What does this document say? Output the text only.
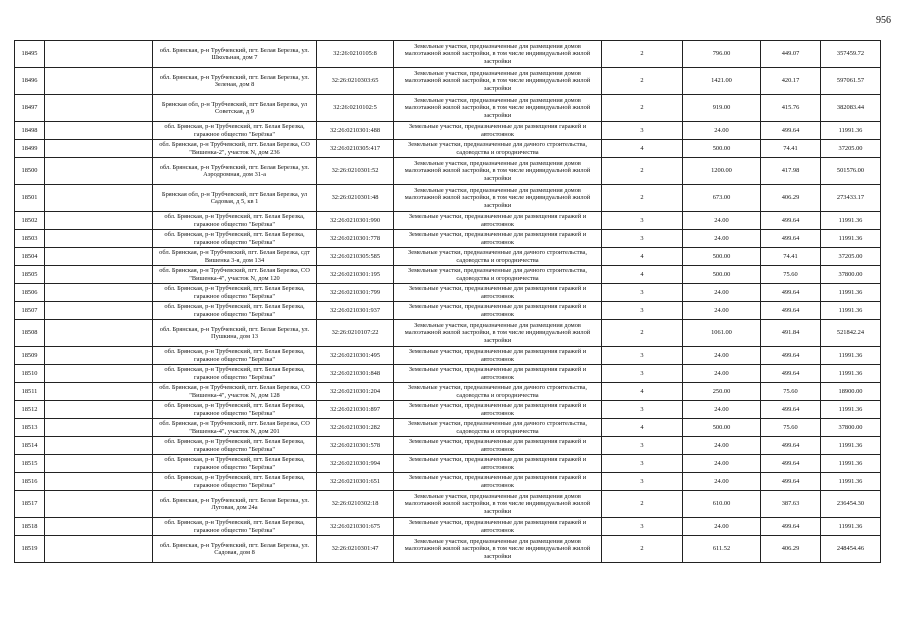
956
18495		обл. Брянская, р-н Трубчевский, пгт. Белая Березка, ул. Школьная, дом 7	32:26:0210105:8	Земельные участки, предназначенные для размещения домов малоэтажной жилой застройки, в том числе индивидуальной жилой застройки	2	796.00	449.07	357459.72
18496		обл. Брянская, р-н Трубчевский, пгт. Белая Березка, ул. Зеленая, дом 8	32:26:0210303:65	Земельные участки, предназначенные для размещения домов малоэтажной жилой застройки, в том числе индивидуальной жилой застройки	2	1421.00	420.17	597061.57
18497		Брянская обл, р-н Трубчевский, пгт Белая Березка, ул Советская, д 9	32:26:0210102:5	Земельные участки, предназначенные для размещения домов малоэтажной жилой застройки, в том числе индивидуальной жилой застройки	2	919.00	415.76	382083.44
18498		обл. Брянская, р-н Трубчевский, пгт. Белая Березка, гаражное общество "Берёзка"	32:26:0210301:488	Земельные участки, предназначенные для размещения гаражей и автостоянок	3	24.00	499.64	11991.36
18499		обл. Брянская, р-н Трубчевский, пгт. Белая Березка, СО "Вишенка-2", участок N, дом 236	32:26:0210305:417	Земельные участки, предназначенные для дачного строительства, садоводства и огородничества	4	500.00	74.41	37205.00
18500		обл. Брянская, р-н Трубчевский, пгт. Белая Березка, ул. Аэродромная, дом 31-а	32:26:0210301:52	Земельные участки, предназначенные для размещения домов малоэтажной жилой застройки, в том числе индивидуальной жилой застройки	2	1200.00	417.98	501576.00
18501		Брянская обл, р-н Трубчевский, пгт Белая Березка, ул Садовая, д 5, кв 1	32:26:0210301:48	Земельные участки, предназначенные для размещения домов малоэтажной жилой застройки, в том числе индивидуальной жилой застройки	2	673.00	406.29	273433.17
18502		обл. Брянская, р-н Трубчевский, пгт. Белая Березка, гаражное общество "Берёзка"	32:26:0210301:990	Земельные участки, предназначенные для размещения гаражей и автостоянок	3	24.00	499.64	11991.36
18503		обл. Брянская, р-н Трубчевский, пгт. Белая Березка, гаражное общество "Берёзка"	32:26:0210301:778	Земельные участки, предназначенные для размещения гаражей и автостоянок	3	24.00	499.64	11991.36
18504		обл. Брянская, р-н Трубчевский, пгт. Белая Березка, сдт Вишенка 3-я, дом 134	32:26:0210305:585	Земельные участки, предназначенные для дачного строительства, садоводства и огородничества	4	500.00	74.41	37205.00
18505		обл. Брянская, р-н Трубчевский, пгт. Белая Березка, СО "Вишенка-4", участок N, дом 120	32:26:0210301:195	Земельные участки, предназначенные для дачного строительства, садоводства и огородничества	4	500.00	75.60	37800.00
18506		обл. Брянская, р-н Трубчевский, пгт. Белая Березка, гаражное общество "Берёзка"	32:26:0210301:799	Земельные участки, предназначенные для размещения гаражей и автостоянок	3	24.00	499.64	11991.36
18507		обл. Брянская, р-н Трубчевский, пгт. Белая Березка, гаражное общество "Берёзка"	32:26:0210301:937	Земельные участки, предназначенные для размещения гаражей и автостоянок	3	24.00	499.64	11991.36
18508		обл. Брянская, р-н Трубчевский, пгт. Белая Березка, ул. Пушкина, дом 13	32:26:0210107:22	Земельные участки, предназначенные для размещения домов малоэтажной жилой застройки, в том числе индивидуальной жилой застройки	2	1061.00	491.84	521842.24
18509		обл. Брянская, р-н Трубчевский, пгт. Белая Березка, гаражное общество "Берёзка"	32:26:0210301:495	Земельные участки, предназначенные для размещения гаражей и автостоянок	3	24.00	499.64	11991.36
18510		обл. Брянская, р-н Трубчевский, пгт. Белая Березка, гаражное общество "Берёзка"	32:26:0210301:848	Земельные участки, предназначенные для размещения гаражей и автостоянок	3	24.00	499.64	11991.36
18511		обл. Брянская, р-н Трубчевский, пгт. Белая Березка, СО "Вишенка-4", участок N, дом 128	32:26:0210301:204	Земельные участки, предназначенные для дачного строительства, садоводства и огородничества	4	250.00	75.60	18900.00
18512		обл. Брянская, р-н Трубчевский, пгт. Белая Березка, гаражное общество "Берёзка"	32:26:0210301:897	Земельные участки, предназначенные для размещения гаражей и автостоянок	3	24.00	499.64	11991.36
18513		обл. Брянская, р-н Трубчевский, пгт. Белая Березка, СО "Вишенка-4", участок N, дом 201	32:26:0210301:282	Земельные участки, предназначенные для дачного строительства, садоводства и огородничества	4	500.00	75.60	37800.00
18514		обл. Брянская, р-н Трубчевский, пгт. Белая Березка, гаражное общество "Берёзка"	32:26:0210301:578	Земельные участки, предназначенные для размещения гаражей и автостоянок	3	24.00	499.64	11991.36
18515		обл. Брянская, р-н Трубчевский, пгт. Белая Березка, гаражное общество "Берёзка"	32:26:0210301:994	Земельные участки, предназначенные для размещения гаражей и автостоянок	3	24.00	499.64	11991.36
18516		обл. Брянская, р-н Трубчевский, пгт. Белая Березка, гаражное общество "Берёзка"	32:26:0210301:651	Земельные участки, предназначенные для размещения гаражей и автостоянок	3	24.00	499.64	11991.36
18517		обл. Брянская, р-н Трубчевский, пгт. Белая Березка, ул. Луговая, дом 24а	32:26:0210302:18	Земельные участки, предназначенные для размещения домов малоэтажной жилой застройки, в том числе индивидуальной жилой застройки	2	610.00	387.63	236454.30
18518		обл. Брянская, р-н Трубчевский, пгт. Белая Березка, гаражное общество "Берёзка"	32:26:0210301:675	Земельные участки, предназначенные для размещения гаражей и автостоянок	3	24.00	499.64	11991.36
18519		обл. Брянская, р-н Трубчевский, пгт. Белая Березка, ул. Садовая, дом 8	32:26:0210301:47	Земельные участки, предназначенные для размещения домов малоэтажной жилой застройки, в том числе индивидуальной жилой застройки	2	611.52	406.29	248454.46
